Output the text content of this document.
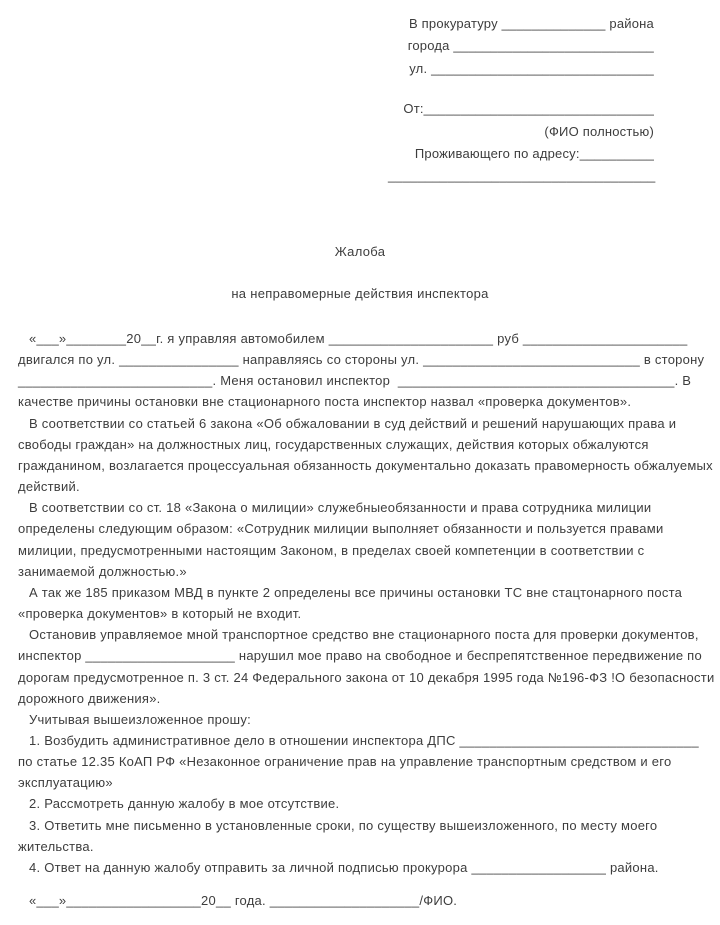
В прокуратуру ______________ района
города ___________________________
ул. ______________________________
От:_______________________________
(ФИО полностью)
Проживающего по адресу:__________
____________________________________
Жалоба
на неправомерные действия инспектора

«___»________20__г. я управляя автомобилем ______________________ руб ______________________
двигался по ул. ________________ направляясь со стороны ул. _____________________________ в сторону
__________________________. Меня остановил инспектор  _____________________________________. В
качестве причины остановки вне стационарного поста инспектор назвал «проверка документов».

В соответствии со статьей 6 закона «Об обжаловании в суд действий и решений нарушающих права и
свободы граждан» на должностных лиц, государственных служащих, действия которых обжалуются
гражданином, возлагается процессуальная обязанность документально доказать правомерность обжалуемых
действий.

В соответствии со ст. 18 «Закона о милиции» служебныеобязанности и права сотрудника милиции
определены следующим образом: «Сотрудник милиции выполняет обязанности и пользуется правами
милиции, предусмотренными настоящим Законом, в пределах своей компетенции в соответствии с
занимаемой должностью.»

А так же 185 приказом МВД в пункте 2 определены все причины остановки ТС вне стацтонарного поста
«проверка документов» в который не входит.

Остановив управляемое мной транспортное средство вне стационарного поста для проверки документов,
инспектор ____________________ нарушил мое право на свободное и беспрепятственное передвижение по
дорогам предусмотренное п. 3 ст. 24 Федерального закона от 10 декабря 1995 года №196-ФЗ !О безопасности
дорожного движения».

Учитывая вышеизложенное прошу:

1. Возбудить административное дело в отношении инспектора ДПС ________________________________
по статье 12.35 КоАП РФ «Незаконное ограничение прав на управление транспортным средством и его
эксплуатацию»

2. Рассмотреть данную жалобу в мое отсутствие.

3. Ответить мне письменно в установленные сроки, по существу вышеизложенного, по месту моего
жительства.

4. Ответ на данную жалобу отправить за личной подписью прокурора __________________ района.

«___»__________________20__ года. ____________________/ФИО.
